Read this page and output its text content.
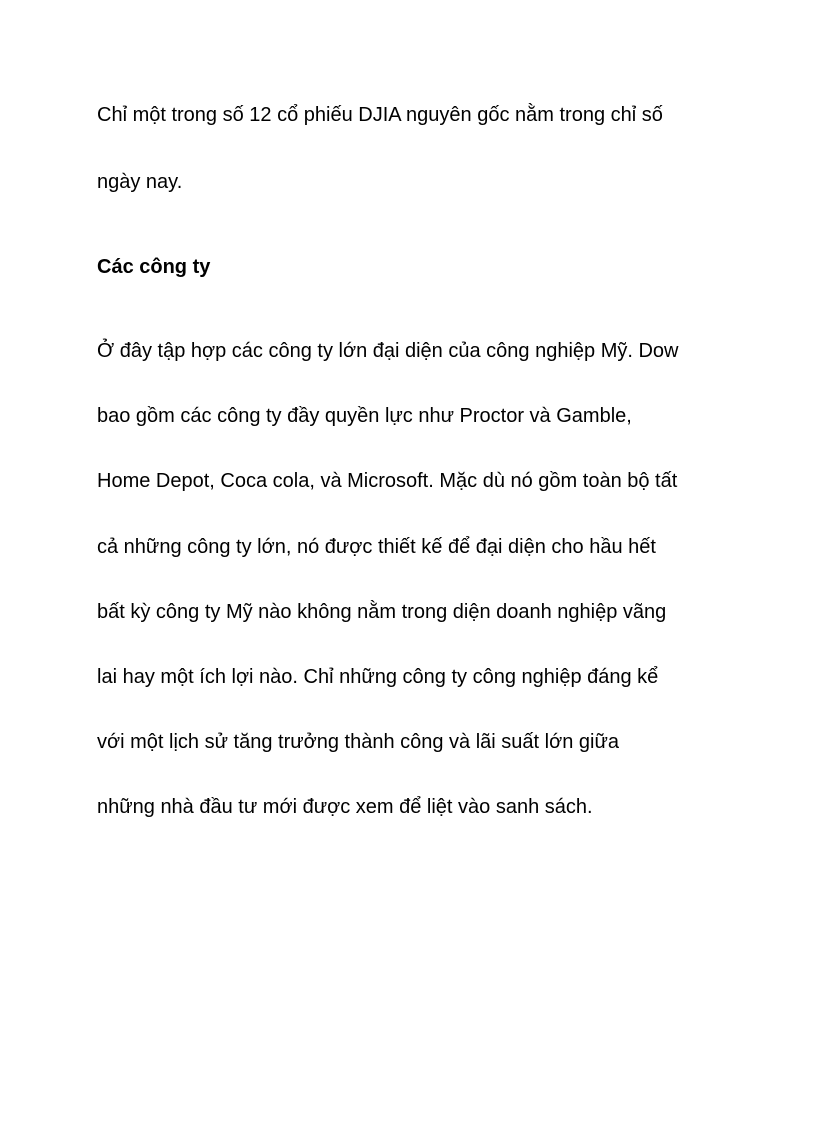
Chỉ một trong số 12 cổ phiếu DJIA nguyên gốc nằm trong chỉ số

ngày nay.

Các công ty

Ở đây tập hợp các công ty lớn đại diện của công nghiệp Mỹ. Dow

bao gồm các công ty đầy quyền lực như Proctor và Gamble,

Home Depot, Coca cola, và Microsoft. Mặc dù nó gồm toàn bộ tất

cả những công ty lớn, nó được thiết kế để đại diện cho hầu hết

bất kỳ công ty Mỹ nào không nằm trong diện doanh nghiệp vãng

lai hay một ích lợi nào. Chỉ những công ty công nghiệp đáng kể

với một lịch sử tăng trưởng thành công và lãi suất lớn giữa

những nhà đầu tư mới được xem để liệt vào sanh sách.
